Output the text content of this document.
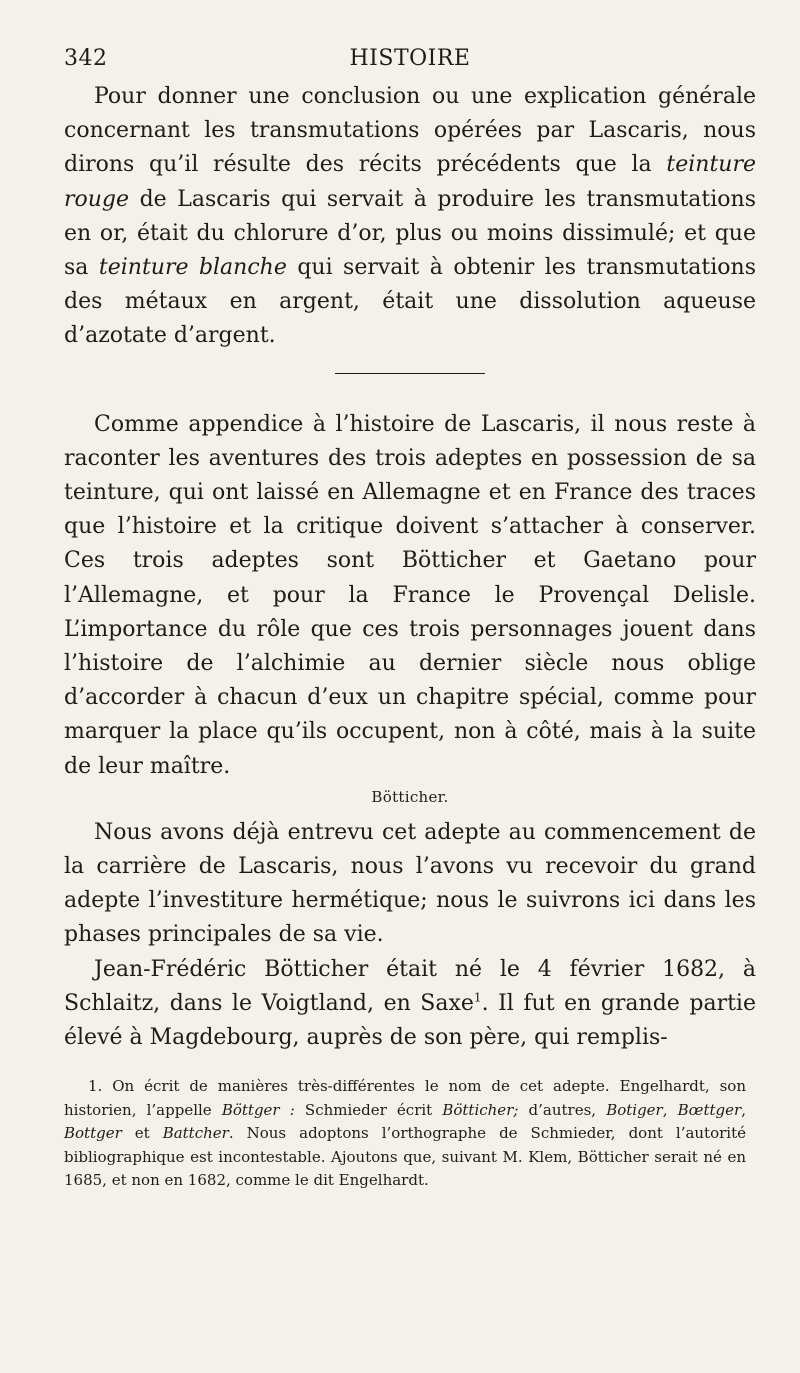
342	HISTOIRE

Pour donner une conclusion ou une explication générale concernant les transmutations opérées par Lascaris, nous dirons qu’il résulte des récits précédents que la teinture rouge de Lascaris qui servait à produire les transmutations en or, était du chlorure d’or, plus ou moins dissimulé; et que sa teinture blanche qui servait à obtenir les transmutations des métaux en argent, était une dissolution aqueuse d’azotate d’argent.

Comme appendice à l’histoire de Lascaris, il nous reste à raconter les aventures des trois adeptes en possession de sa teinture, qui ont laissé en Allemagne et en France des traces que l’histoire et la critique doivent s’attacher à conserver. Ces trois adeptes sont Bötticher et Gaetano pour l’Allemagne, et pour la France le Provençal Delisle. L’importance du rôle que ces trois personnages jouent dans l’histoire de l’alchimie au dernier siècle nous oblige d’accorder à chacun d’eux un chapitre spécial, comme pour marquer la place qu’ils occupent, non à côté, mais à la suite de leur maître.

Bötticher.

Nous avons déjà entrevu cet adepte au commencement de la carrière de Lascaris, nous l’avons vu recevoir du grand adepte l’investiture hermétique; nous le suivrons ici dans les phases principales de sa vie.

Jean-Frédéric Bötticher était né le 4 février 1682, à Schlaitz, dans le Voigtland, en Saxe$^1$. Il fut en grande partie élevé à Magdebourg, auprès de son père, qui remplis-

1. On écrit de manières très-différentes le nom de cet adepte. Engelhardt, son historien, l’appelle Böttger : Schmieder écrit Bötticher; d’autres, Botiger, Bœttger, Bottger et Battcher. Nous adoptons l’orthographe de Schmieder, dont l’autorité bibliographique est incontestable. Ajoutons que, suivant M. Klem, Bötticher serait né en 1685, et non en 1682, comme le dit Engelhardt.
